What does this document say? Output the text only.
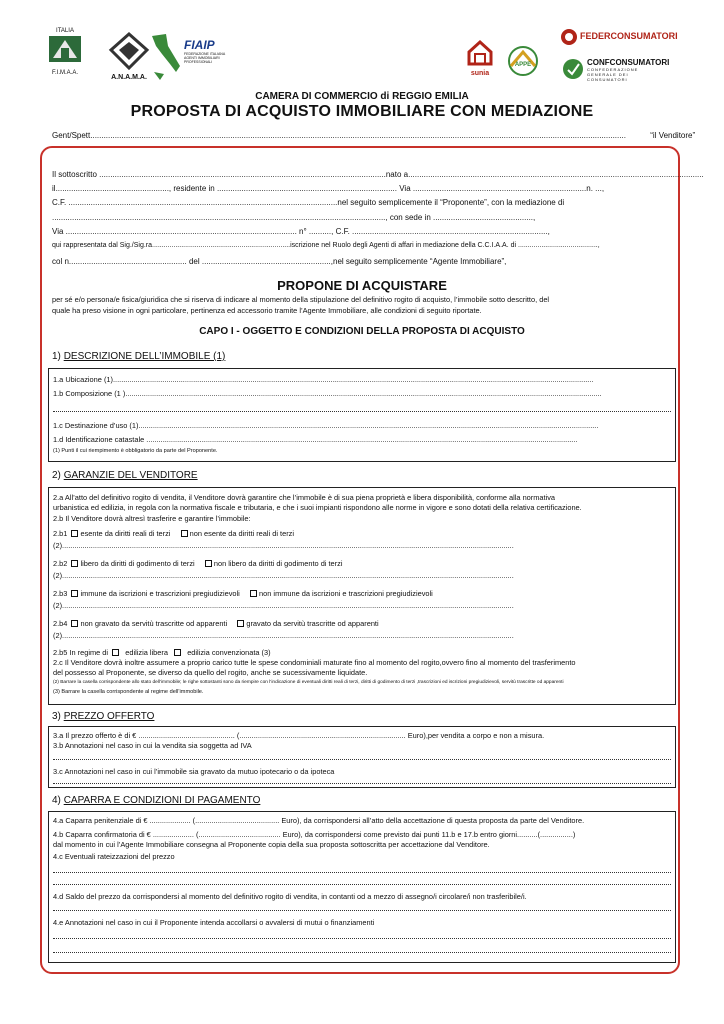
ITALIA
F.I.M.A.A.
A.N.A.M.A.
FIAIP
FEDERAZIONE ITALIANA AGENTI IMMOBILIARI PROFESSIONALI
sunia
APPE
FEDERCONSUMATORI
CONFCONSUMATORI
CONFEDERAZIONE GENERALE DEI CONSUMATORI
CAMERA DI COMMERCIO di REGGIO EMILIA
PROPOSTA DI ACQUISTO IMMOBILIARE CON MEDIAZIONE
Gent/Spett.................................................................................................................................................................................................................................................	“il Venditore”
Il sottoscritto .................................................................................................................................nato a.....................................................................................................................................
il..................................................., residente in ................................................................................. Via ..............................................................................n. ...,
C.F. .........................................................................................................................nel seguito semplicemente il “Proponente”, con la mediazione di
......................................................................................................................................................, con sede in .............................................,
Via ........................................................................................................ n° .........., C.F. ........................................................................................,
qui rappresentata dal Sig./Sig.ra.......................................................................iscrizione nel Ruolo degli Agenti di affari in mediazione della C.C.I.A.A. di .........................................,
col n..................................................... del ..........................................................,nel seguito semplicemente “Agente Immobiliare”,
PROPONE DI ACQUISTARE
per sé e/o persona/e fisica/giuridica che si riserva di indicare al momento della stipulazione del definitivo rogito di acquisto, l’immobile sotto descritto, del
quale ha preso visione in ogni particolare, pertinenza ed accessorio tramite l’Agente Immobiliare, alle condizioni di seguito riportate.
CAPO I - OGGETTO E CONDIZIONI DELLA PROPOSTA DI ACQUISTO
1) DESCRIZIONE DELL’IMMOBILE (1)
1.a Ubicazione (1)..........................................................................................................................................................................................................................................
1.b Composizione (1 )........................................................................................................................................................................................................................................
1.c Destinazione d’uso (1)................................................................................................................................................................................................................................
1.d Identificazione catastale ..................................................................................................................................................................................................................
(1) Punti il cui riempimento è obbligatorio da parte del Proponente.
2) GARANZIE DEL VENDITORE
2.a All’atto del definitivo rogito di vendita, il Venditore dovrà garantire che l’immobile è di sua piena proprietà e libera disponibilità, conforme alla normativa
urbanistica ed edilizia, in regola con la normativa fiscale e tributaria, e che i suoi impianti rispondono alle norme in vigore e sono dotati della relativa certificazione.
2.b Il Venditore dovrà altresì trasferire e garantire l’immobile:
2.b1 esente da diritti reali di terzi	non esente da diritti reali di terzi
(2)............................................................................................................................................................................................................................
2.b2 libero da diritti di godimento di terzi	non libero da diritti di godimento di terzi
(2)............................................................................................................................................................................................................................
2.b3 immune da iscrizioni e trascrizioni pregiudizievoli	non immune da iscrizioni e trascrizioni pregiudizievoli
(2)............................................................................................................................................................................................................................
2.b4 non gravato da servitù trascritte od apparenti	gravato da servitù trascritte od apparenti
(2)............................................................................................................................................................................................................................
2.b5 In regime di edilizia libera	edilizia convenzionata (3)
2.c Il Venditore dovrà inoltre assumere a proprio carico tutte le spese condominiali maturate fino al momento del rogito,ovvero fino al momento del trasferimento
del possesso al Proponente, se diverso da quello del rogito, anche se sucessivamente liquidate.
(2) Barrare la casella corrispondente allo stato dell’immobile; le righe sottostanti sono da riempire con l’indicazione di eventuali diritti reali di terzi, diritti di godimento di terzi ,trascrizioni ed iscrizioni pregiudizievoli, servitù trascritte od apparenti
(3) Barrare la casella corrispondente al regime dell’immobile.
3) PREZZO OFFERTO
3.a Il prezzo offerto è di € ............................................... (................................................................................. Euro),per vendita a corpo e non a misura.
3.b Annotazioni nel caso in cui la vendita sia soggetta ad IVA
3.c Annotazioni nel caso in cui l’immobile sia gravato da mutuo ipotecario o da ipoteca
4) CAPARRA E CONDIZIONI DI PAGAMENTO
4.a Caparra penitenziale di € .................... (......................................... Euro), da corrispondersi all’atto della accettazione di questa proposta da parte del Venditore.
4.b Caparra confirmatoria di € .................... (........................................ Euro), da corrispondersi come previsto dai punti 11.b e 17.b entro giorni..........(................)
dal momento in cui l’Agente Immobiliare consegna al Proponente copia della sua proposta sottoscritta per accettazione dal Venditore.
4.c Eventuali rateizzazioni del prezzo
4.d Saldo del prezzo da corrispondersi al momento del definitivo rogito di vendita, in contanti od a mezzo di assegno/i circolare/i non trasferibile/i.
4.e Annotazioni nel caso in cui il Proponente intenda accollarsi o avvalersi di mutui o finanziamenti
